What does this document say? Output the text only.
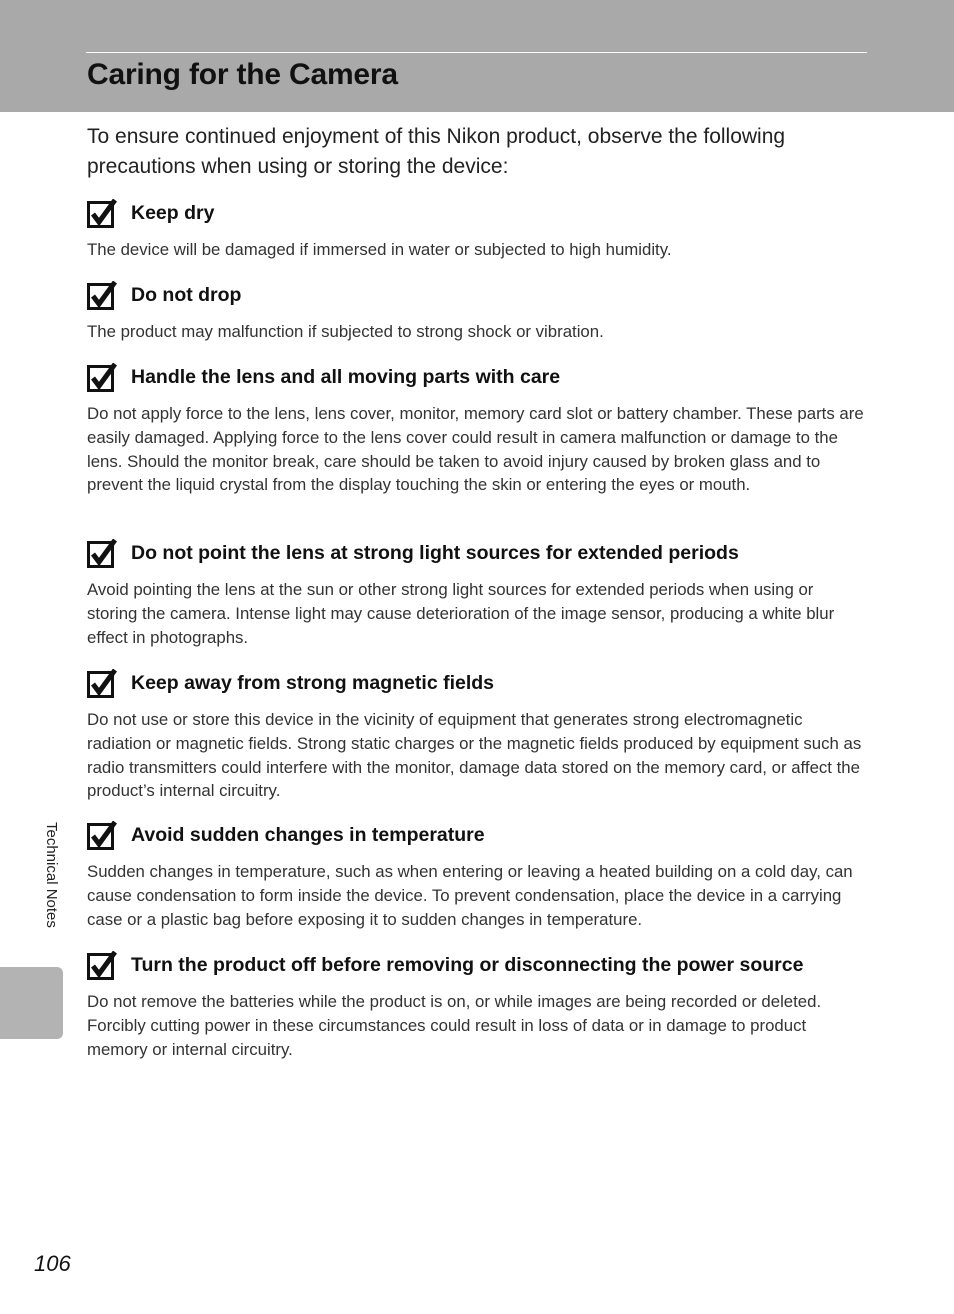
Caring for the Camera

To ensure continued enjoyment of this Nikon product, observe the following precautions when using or storing the device:

Keep dry

The device will be damaged if immersed in water or subjected to high humidity.

Do not drop

The product may malfunction if subjected to strong shock or vibration.

Handle the lens and all moving parts with care

Do not apply force to the lens, lens cover, monitor, memory card slot or battery chamber. These parts are easily damaged. Applying force to the lens cover could result in camera malfunction or damage to the lens. Should the monitor break, care should be taken to avoid injury caused by broken glass and to prevent the liquid crystal from the display touching the skin or entering the eyes or mouth.

Do not point the lens at strong light sources for extended periods

Avoid pointing the lens at the sun or other strong light sources for extended periods when using or storing the camera. Intense light may cause deterioration of the image sensor, producing a white blur effect in photographs.

Keep away from strong magnetic fields

Do not use or store this device in the vicinity of equipment that generates strong electromagnetic radiation or magnetic fields. Strong static charges or the magnetic fields produced by equipment such as radio transmitters could interfere with the monitor, damage data stored on the memory card, or affect the product’s internal circuitry.

Avoid sudden changes in temperature

Sudden changes in temperature, such as when entering or leaving a heated building on a cold day, can cause condensation to form inside the device. To prevent condensation, place the device in a carrying case or a plastic bag before exposing it to sudden changes in temperature.

Turn the product off before removing or disconnecting the power source

Do not remove the batteries while the product is on, or while images are being recorded or deleted. Forcibly cutting power in these circumstances could result in loss of data or in damage to product memory or internal circuitry.

Technical Notes

106
